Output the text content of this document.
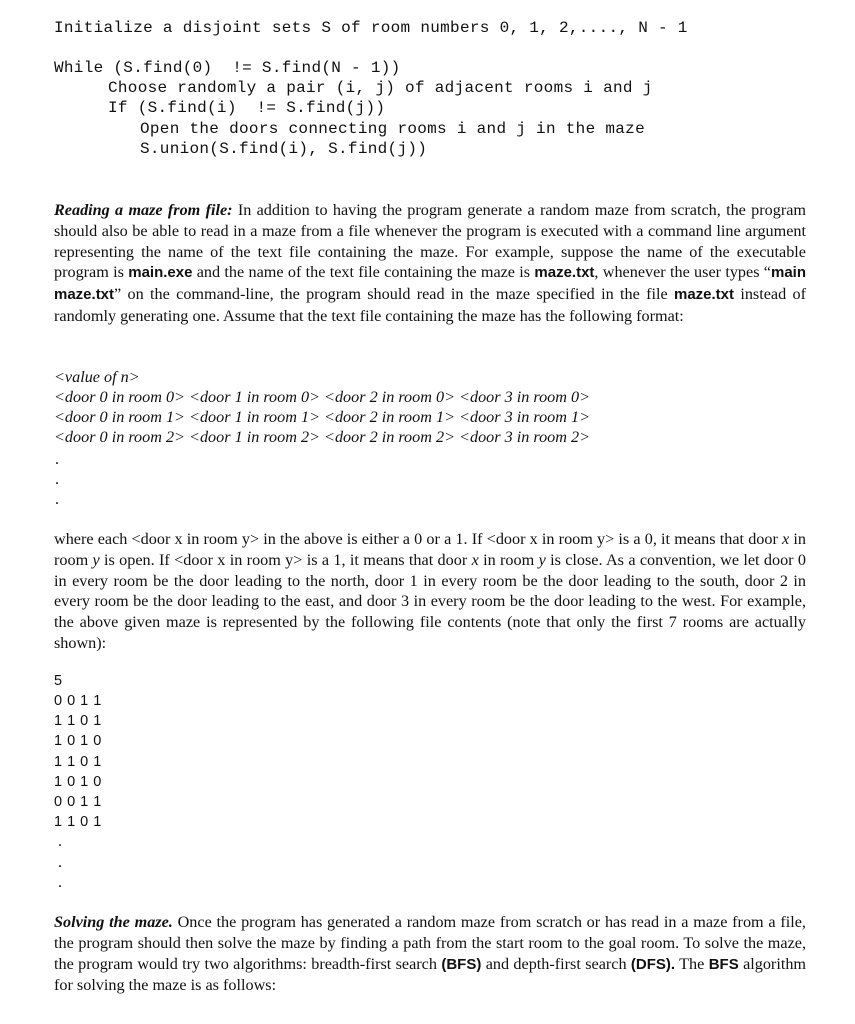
Initialize a disjoint sets S of room numbers 0, 1, 2,...., N - 1
While (S.find(0)  != S.find(N - 1))
Choose randomly a pair (i, j) of adjacent rooms i and j
If (S.find(i)  != S.find(j))
Open the doors connecting rooms i and j in the maze
S.union(S.find(i), S.find(j))
Reading a maze from file: In addition to having the program generate a random maze from scratch, the program should also be able to read in a maze from a file whenever the program is executed with a command line argument representing the name of the text file containing the maze. For example, suppose the name of the executable program is main.exe and the name of the text file containing the maze is maze.txt, whenever the user types “main maze.txt” on the command-line, the program should read in the maze specified in the file maze.txt instead of randomly generating one. Assume that the text file containing the maze has the following format:
<value of n>
<door 0 in room 0> <door 1 in room 0> <door 2 in room 0> <door 3 in room 0>
<door 0 in room 1> <door 1 in room 1> <door 2 in room 1> <door 3 in room 1>
<door 0 in room 2> <door 1 in room 2> <door 2 in room 2> <door 3 in room 2>
.
.
.
where each <door x in room y> in the above is either a 0 or a 1. If <door x in room y> is a 0, it means that door x in room y is open. If <door x in room y> is a 1, it means that door x in room y is close. As a convention, we let door 0 in every room be the door leading to the north, door 1 in every room be the door leading to the south, door 2 in every room be the door leading to the east, and door 3 in every room be the door leading to the west. For example, the above given maze is represented by the following file contents (note that only the first 7 rooms are actually shown):
5
0 0 1 1
1 1 0 1
1 0 1 0
1 1 0 1
1 0 1 0
0 0 1 1
1 1 0 1
.
.
.
Solving the maze. Once the program has generated a random maze from scratch or has read in a maze from a file, the program should then solve the maze by finding a path from the start room to the goal room. To solve the maze, the program would try two algorithms: breadth-first search (BFS) and depth-first search (DFS). The BFS algorithm for solving the maze is as follows:
